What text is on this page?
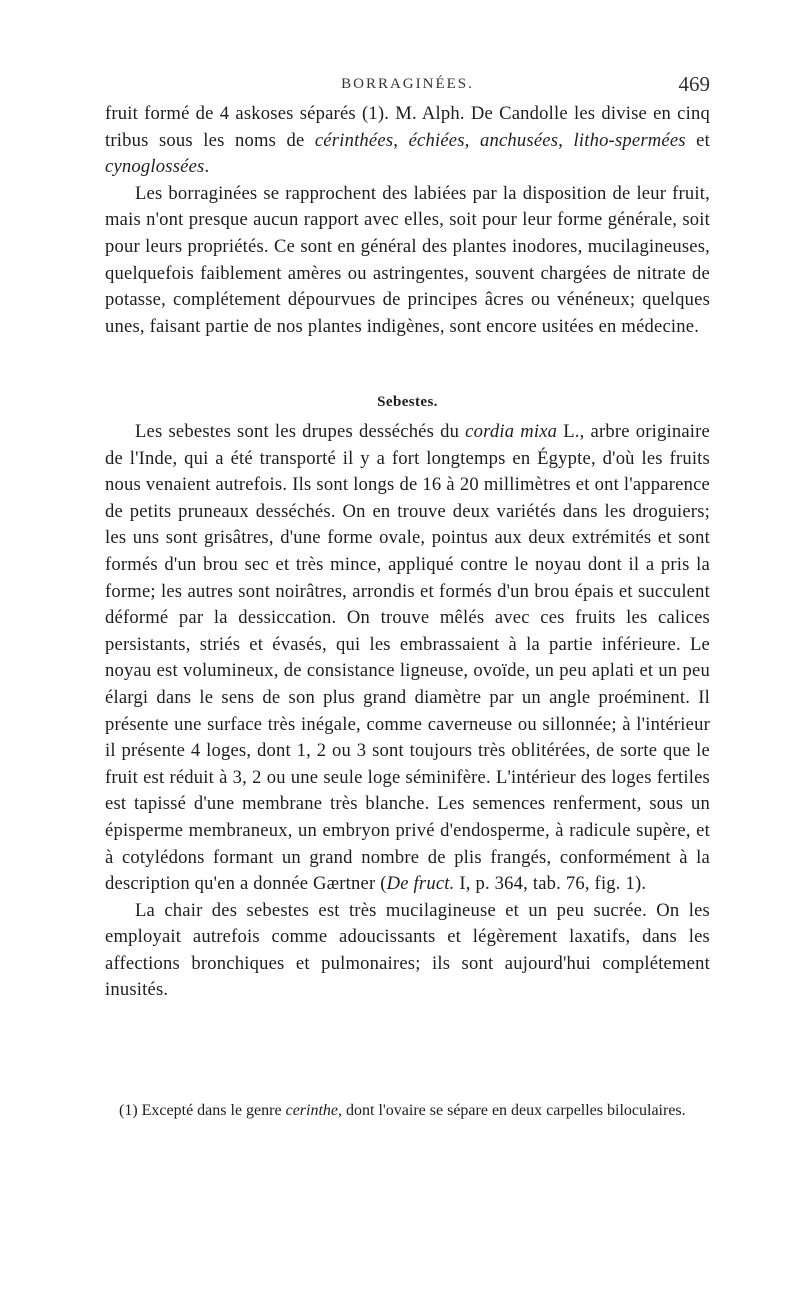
BORRAGINÉES.	469

fruit formé de 4 askoses séparés (1). M. Alph. De Candolle les divise en cinq tribus sous les noms de cérinthées, échiées, anchusées, litho-spermées et cynoglossées.

Les borraginées se rapprochent des labiées par la disposition de leur fruit, mais n'ont presque aucun rapport avec elles, soit pour leur forme générale, soit pour leurs propriétés. Ce sont en général des plantes inodores, mucilagineuses, quelquefois faiblement amères ou astringentes, souvent chargées de nitrate de potasse, complétement dépourvues de principes âcres ou vénéneux; quelques unes, faisant partie de nos plantes indigènes, sont encore usitées en médecine.

Sebestes.

Les sebestes sont les drupes desséchés du cordia mixa L., arbre originaire de l'Inde, qui a été transporté il y a fort longtemps en Égypte, d'où les fruits nous venaient autrefois. Ils sont longs de 16 à 20 millimètres et ont l'apparence de petits pruneaux desséchés. On en trouve deux variétés dans les droguiers; les uns sont grisâtres, d'une forme ovale, pointus aux deux extrémités et sont formés d'un brou sec et très mince, appliqué contre le noyau dont il a pris la forme; les autres sont noirâtres, arrondis et formés d'un brou épais et succulent déformé par la dessiccation. On trouve mêlés avec ces fruits les calices persistants, striés et évasés, qui les embrassaient à la partie inférieure. Le noyau est volumineux, de consistance ligneuse, ovoïde, un peu aplati et un peu élargi dans le sens de son plus grand diamètre par un angle proéminent. Il présente une surface très inégale, comme caverneuse ou sillonnée; à l'intérieur il présente 4 loges, dont 1, 2 ou 3 sont toujours très oblitérées, de sorte que le fruit est réduit à 3, 2 ou une seule loge séminifère. L'intérieur des loges fertiles est tapissé d'une membrane très blanche. Les semences renferment, sous un épisperme membraneux, un embryon privé d'endosperme, à radicule supère, et à cotylédons formant un grand nombre de plis frangés, conformément à la description qu'en a donnée Gærtner (De fruct. I, p. 364, tab. 76, fig. 1).

La chair des sebestes est très mucilagineuse et un peu sucrée. On les employait autrefois comme adoucissants et légèrement laxatifs, dans les affections bronchiques et pulmonaires; ils sont aujourd'hui complétement inusités.

(1) Excepté dans le genre cerinthe, dont l'ovaire se sépare en deux carpelles biloculaires.
